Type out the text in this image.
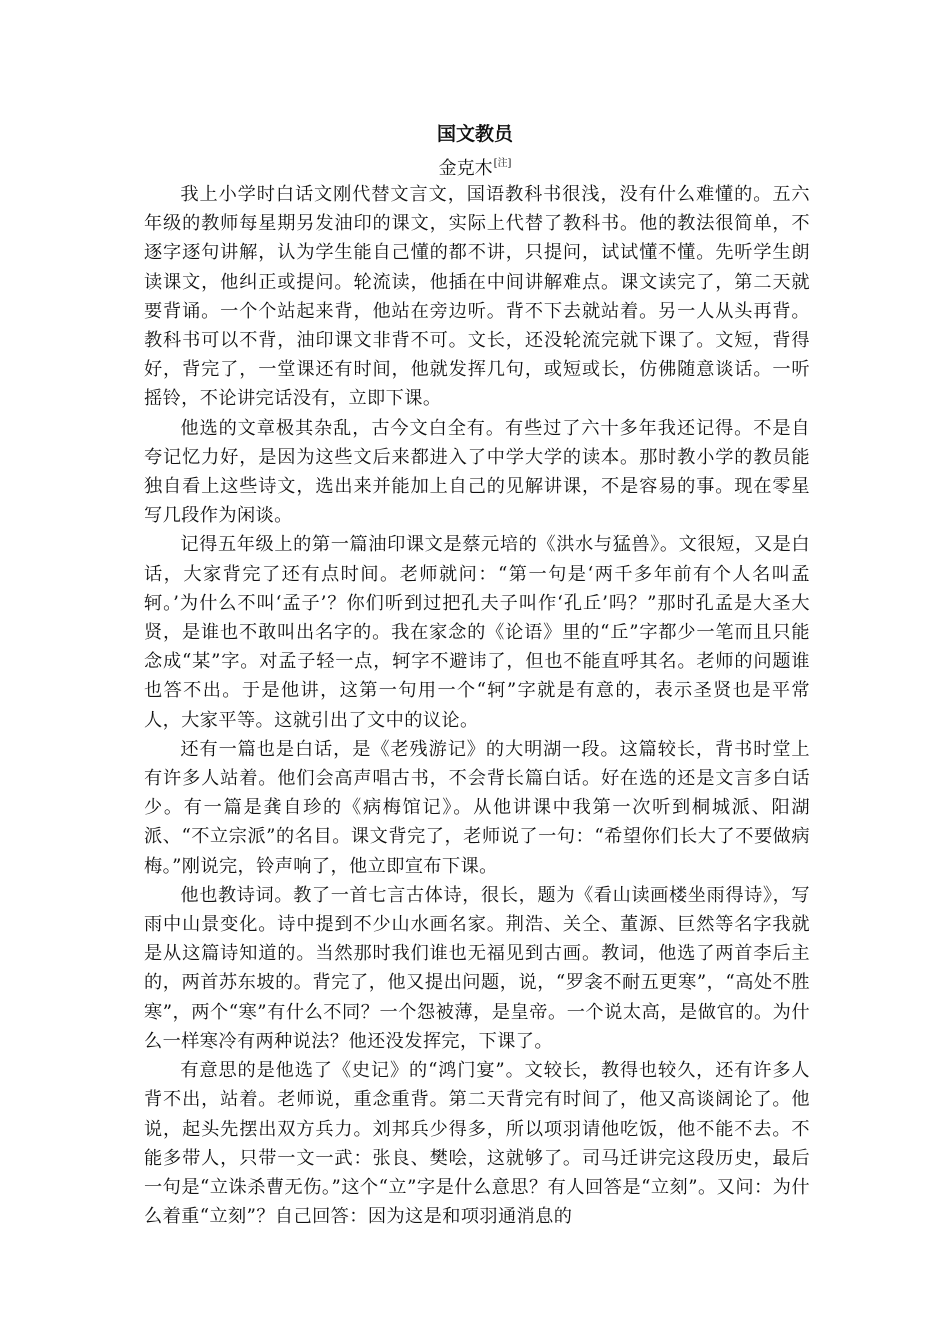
国文教员
金克木[注]

我上小学时白话文刚代替文言文，国语教科书很浅，没有什么难懂的。五六年级的教师每星期另发油印的课文，实际上代替了教科书。他的教法很简单，不逐字逐句讲解，认为学生能自己懂的都不讲，只提问，试试懂不懂。先听学生朗读课文，他纠正或提问。轮流读，他插在中间讲解难点。课文读完了，第二天就要背诵。一个个站起来背，他站在旁边听。背不下去就站着。另一人从头再背。教科书可以不背，油印课文非背不可。文长，还没轮流完就下课了。文短，背得好，背完了，一堂课还有时间，他就发挥几句，或短或长，仿佛随意谈话。一听摇铃，不论讲完话没有，立即下课。

他选的文章极其杂乱，古今文白全有。有些过了六十多年我还记得。不是自夸记忆力好，是因为这些文后来都进入了中学大学的读本。那时教小学的教员能独自看上这些诗文，选出来并能加上自己的见解讲课，不是容易的事。现在零星写几段作为闲谈。

记得五年级上的第一篇油印课文是蔡元培的《洪水与猛兽》。文很短，又是白话，大家背完了还有点时间。老师就问：“第一句是‘两千多年前有个人名叫孟轲。’为什么不叫‘孟子’？你们听到过把孔夫子叫作‘孔丘’吗？”那时孔孟是大圣大贤，是谁也不敢叫出名字的。我在家念的《论语》里的“丘”字都少一笔而且只能念成“某”字。对孟子轻一点，轲字不避讳了，但也不能直呼其名。老师的问题谁也答不出。于是他讲，这第一句用一个“轲”字就是有意的，表示圣贤也是平常人，大家平等。这就引出了文中的议论。

还有一篇也是白话，是《老残游记》的大明湖一段。这篇较长，背书时堂上有许多人站着。他们会高声唱古书，不会背长篇白话。好在选的还是文言多白话少。有一篇是龚自珍的《病梅馆记》。从他讲课中我第一次听到桐城派、阳湖派、“不立宗派”的名目。课文背完了，老师说了一句：“希望你们长大了不要做病梅。”刚说完，铃声响了，他立即宣布下课。

他也教诗词。教了一首七言古体诗，很长，题为《看山读画楼坐雨得诗》，写雨中山景变化。诗中提到不少山水画名家。荆浩、关仝、董源、巨然等名字我就是从这篇诗知道的。当然那时我们谁也无福见到古画。教词，他选了两首李后主的，两首苏东坡的。背完了，他又提出问题，说，“罗衾不耐五更寒”，“高处不胜寒”，两个“寒”有什么不同？一个怨被薄，是皇帝。一个说太高，是做官的。为什么一样寒冷有两种说法？他还没发挥完，下课了。

有意思的是他选了《史记》的“鸿门宴”。文较长，教得也较久，还有许多人背不出，站着。老师说，重念重背。第二天背完有时间了，他又高谈阔论了。他说，起头先摆出双方兵力。刘邦兵少得多，所以项羽请他吃饭，他不能不去。不能多带人，只带一文一武：张良、樊哙，这就够了。司马迁讲完这段历史，最后一句是“立诛杀曹无伤。”这个“立”字是什么意思？有人回答是“立刻”。又问：为什么着重“立刻”？自己回答：因为这是和项羽通消息的
